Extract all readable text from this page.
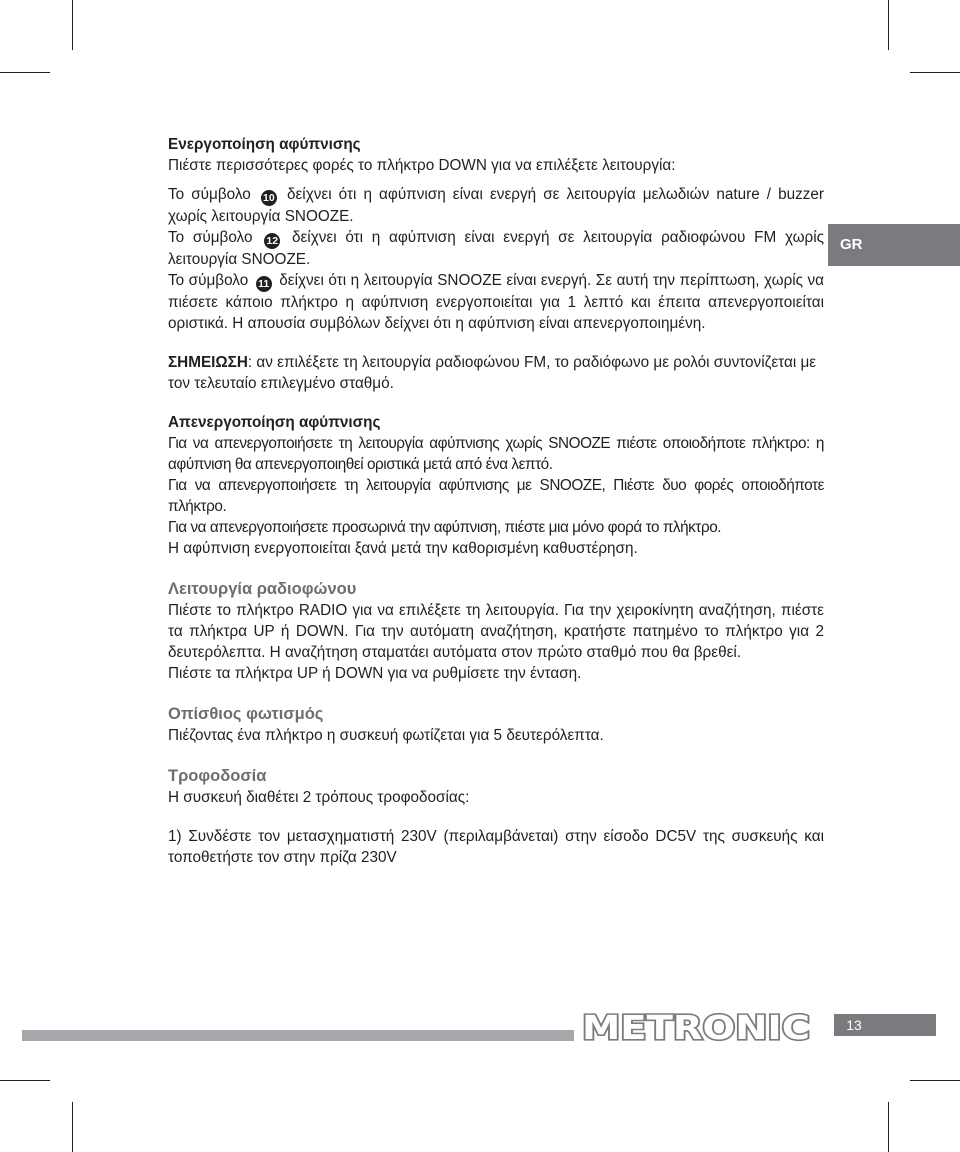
Ενεργοποίηση αφύπνισης

Πιέστε περισσότερες φορές το πλήκτρο DOWN για να επιλέξετε λειτουργία:

Το σύμβολο 10 δείχνει ότι η αφύπνιση είναι ενεργή σε λειτουργία μελωδιών nature / buzzer χωρίς λειτουργία SNOOZE.

Το σύμβολο 12 δείχνει ότι η αφύπνιση είναι ενεργή σε λειτουργία ραδιοφώνου FM χωρίς λειτουργία SNOOZE.

Το σύμβολο 11 δείχνει ότι η λειτουργία SNOOZE είναι ενεργή. Σε αυτή την περίπτωση, χωρίς να πιέσετε κάποιο πλήκτρο η αφύπνιση ενεργοποιείται για 1 λεπτό και έπειτα απενεργοποιείται οριστικά. Η απουσία συμβόλων δείχνει ότι η αφύπνιση είναι απενεργοποιημένη.

ΣΗΜΕΙΩΣΗ: αν επιλέξετε τη λειτουργία ραδιοφώνου FM, το ραδιόφωνο με ρολόι συντονίζεται με τον τελευταίο επιλεγμένο σταθμό.

Απενεργοποίηση αφύπνισης

Για να απενεργοποιήσετε τη λειτουργία αφύπνισης χωρίς SNOOZE πιέστε οποιοδήποτε πλήκτρο: η αφύπνιση θα απενεργοποιηθεί οριστικά μετά από ένα λεπτό.

Για να απενεργοποιήσετε τη λειτουργία αφύπνισης με SNOOZE, Πιέστε δυο φορές οποιοδήποτε πλήκτρο.

Για να απενεργοποιήσετε προσωρινά την αφύπνιση, πιέστε μια μόνο φορά το πλήκτρο.

Η αφύπνιση ενεργοποιείται ξανά μετά την καθορισμένη καθυστέρηση.

Λειτουργία ραδιοφώνου

Πιέστε το πλήκτρο RADIO για να επιλέξετε τη λειτουργία. Για την χειροκίνητη αναζήτηση, πιέστε τα πλήκτρα UP ή DOWN. Για την αυτόματη αναζήτηση, κρατήστε πατημένο το πλήκτρο για 2 δευτερόλεπτα. Η αναζήτηση σταματάει αυτόματα στον πρώτο σταθμό που θα βρεθεί.

Πιέστε τα πλήκτρα UP ή DOWN για να ρυθμίσετε την ένταση.

Οπίσθιος φωτισμός

Πιέζοντας ένα πλήκτρο η συσκευή φωτίζεται για 5 δευτερόλεπτα.

Τροφοδοσία

Η συσκευή διαθέτει 2 τρόπους τροφοδοσίας:

1) Συνδέστε τον μετασχηματιστή 230V (περιλαμβάνεται) στην είσοδο DC5V της συσκευής και τοποθετήστε τον στην πρίζα 230V

GR
METRONIC	13
